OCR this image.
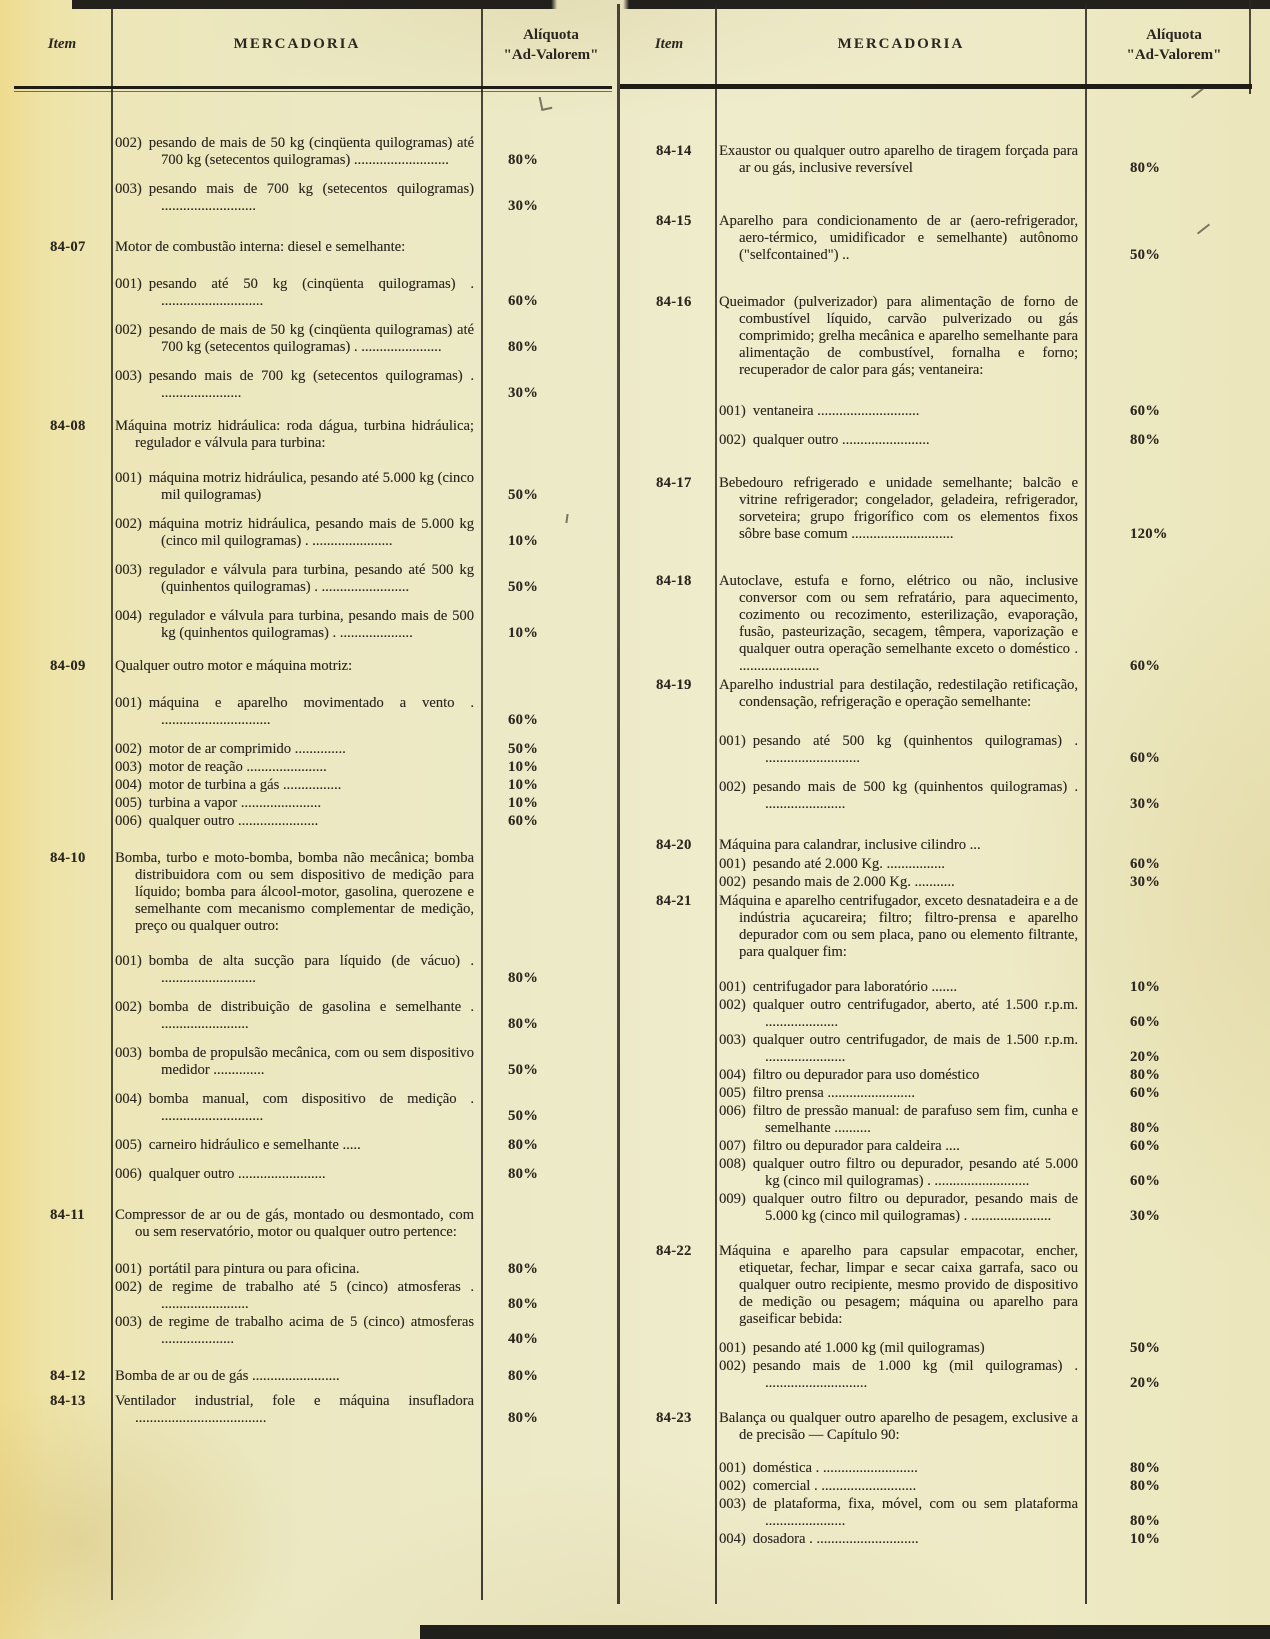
Item	MERCADORIA
Alíquota
"Ad-Valorem"

002) pesando de mais de 50 kg (cinqüenta quilogramas) até 700 kg (setecentos quilogramas) ..........................	80%

003) pesando mais de 700 kg (setecentos quilogramas) ..........................	30%
84-07	Motor de combustão interna: diesel e semelhante:

001) pesando até 50 kg (cinqüenta quilogramas) . ............................	60%

002) pesando de mais de 50 kg (cinqüenta quilogramas) até 700 kg (setecentos quilogramas) . ......................	80%

003) pesando mais de 700 kg (setecentos quilogramas) . ......................	30%
84-08	Máquina motriz hidráulica: roda dágua, turbina hidráulica; regulador e válvula para turbina:

001) máquina motriz hidráulica, pesando até 5.000 kg (cinco mil quilogramas)	50%

002) máquina motriz hidráulica, pesando mais de 5.000 kg (cinco mil quilogramas) . ......................	10%

003) regulador e válvula para turbina, pesando até 500 kg (quinhentos quilogramas) . ........................	50%

004) regulador e válvula para turbina, pesando mais de 500 kg (quinhentos quilogramas) . ....................	10%
84-09	Qualquer outro motor e máquina motriz:

001) máquina e aparelho movimentado a vento . ..............................	60%

002) motor de ar comprimido ..............	50%

003) motor de reação ......................	10%

004) motor de turbina a gás ................	10%

005) turbina a vapor ......................	10%

006) qualquer outro ......................	60%
84-10	Bomba, turbo e moto-bomba, bomba não mecânica; bomba distribuidora com ou sem dispositivo de medição para líquido; bomba para álcool-motor, gasolina, querozene e semelhante com mecanismo complementar de medição, preço ou qualquer outro:

001) bomba de alta sucção para líquido (de vácuo) . ..........................	80%

002) bomba de distribuição de gasolina e semelhante . ........................	80%

003) bomba de propulsão mecânica, com ou sem dispositivo medidor ..............	50%

004) bomba manual, com dispositivo de medição . ............................	50%

005) carneiro hidráulico e semelhante .....	80%

006) qualquer outro ........................	80%
84-11	Compressor de ar ou de gás, montado ou desmontado, com ou sem reservatório, motor ou qualquer outro pertence:

001) portátil para pintura ou para oficina.	80%

002) de regime de trabalho até 5 (cinco) atmosferas . ........................	80%

003) de regime de trabalho acima de 5 (cinco) atmosferas ....................	40%
84-12	Bomba de ar ou de gás ........................	80%
84-13	Ventilador industrial, fole e máquina insufladora ....................................	80%
Item	MERCADORIA
Alíquota
"Ad-Valorem"
84-14	Exaustor ou qualquer outro aparelho de tiragem forçada para ar ou gás, inclusive reversível	80%
84-15	Aparelho para condicionamento de ar (aero-refrigerador, aero-térmico, umidificador e semelhante) autônomo ("selfcontained") ..	50%
84-16	Queimador (pulverizador) para alimentação de forno de combustível líquido, carvão pulverizado ou gás comprimido; grelha mecânica e aparelho semelhante para alimentação de combustível, fornalha e forno; recuperador de calor para gás; ventaneira:

001) ventaneira ............................	60%

002) qualquer outro ........................	80%
84-17	Bebedouro refrigerado e unidade semelhante; balcão e vitrine refrigerador; congelador, geladeira, refrigerador, sorveteira; grupo frigorífico com os elementos fixos sôbre base comum ............................	120%
84-18	Autoclave, estufa e forno, elétrico ou não, inclusive conversor com ou sem refratário, para aquecimento, cozimento ou recozimento, esterilização, evaporação, fusão, pasteurização, secagem, têmpera, vaporização e qualquer outra operação semelhante exceto o doméstico . ......................	60%
84-19	Aparelho industrial para destilação, redestilação retificação, condensação, refrigeração e operação semelhante:

001) pesando até 500 kg (quinhentos quilogramas) . ..........................	60%

002) pesando mais de 500 kg (quinhentos quilogramas) . ......................	30%
84-20	Máquina para calandrar, inclusive cilindro ...

001) pesando até 2.000 Kg. ................	60%

002) pesando mais de 2.000 Kg. ...........	30%
84-21	Máquina e aparelho centrifugador, exceto desnatadeira e a de indústria açucareira; filtro; filtro-prensa e aparelho depurador com ou sem placa, pano ou elemento filtrante, para qualquer fim:

001) centrifugador para laboratório .......	10%

002) qualquer outro centrifugador, aberto, até 1.500 r.p.m. ....................	60%

003) qualquer outro centrifugador, de mais de 1.500 r.p.m. ......................	20%

004) filtro ou depurador para uso doméstico	80%

005) filtro prensa ........................	60%

006) filtro de pressão manual: de parafuso sem fim, cunha e semelhante ..........	80%

007) filtro ou depurador para caldeira ....	60%

008) qualquer outro filtro ou depurador, pesando até 5.000 kg (cinco mil quilogramas) . ..........................	60%

009) qualquer outro filtro ou depurador, pesando mais de 5.000 kg (cinco mil quilogramas) . ......................	30%
84-22	Máquina e aparelho para capsular empacotar, encher, etiquetar, fechar, limpar e secar caixa garrafa, saco ou qualquer outro recipiente, mesmo provido de dispositivo de medição ou pesagem; máquina ou aparelho para gaseificar bebida:

001) pesando até 1.000 kg (mil quilogramas)	50%

002) pesando mais de 1.000 kg (mil quilogramas) . ............................	20%
84-23	Balança ou qualquer outro aparelho de pesagem, exclusive a de precisão — Capítulo 90:

001) doméstica . ..........................	80%

002) comercial . ..........................	80%

003) de plataforma, fixa, móvel, com ou sem plataforma ......................	80%

004) dosadora . ............................	10%
